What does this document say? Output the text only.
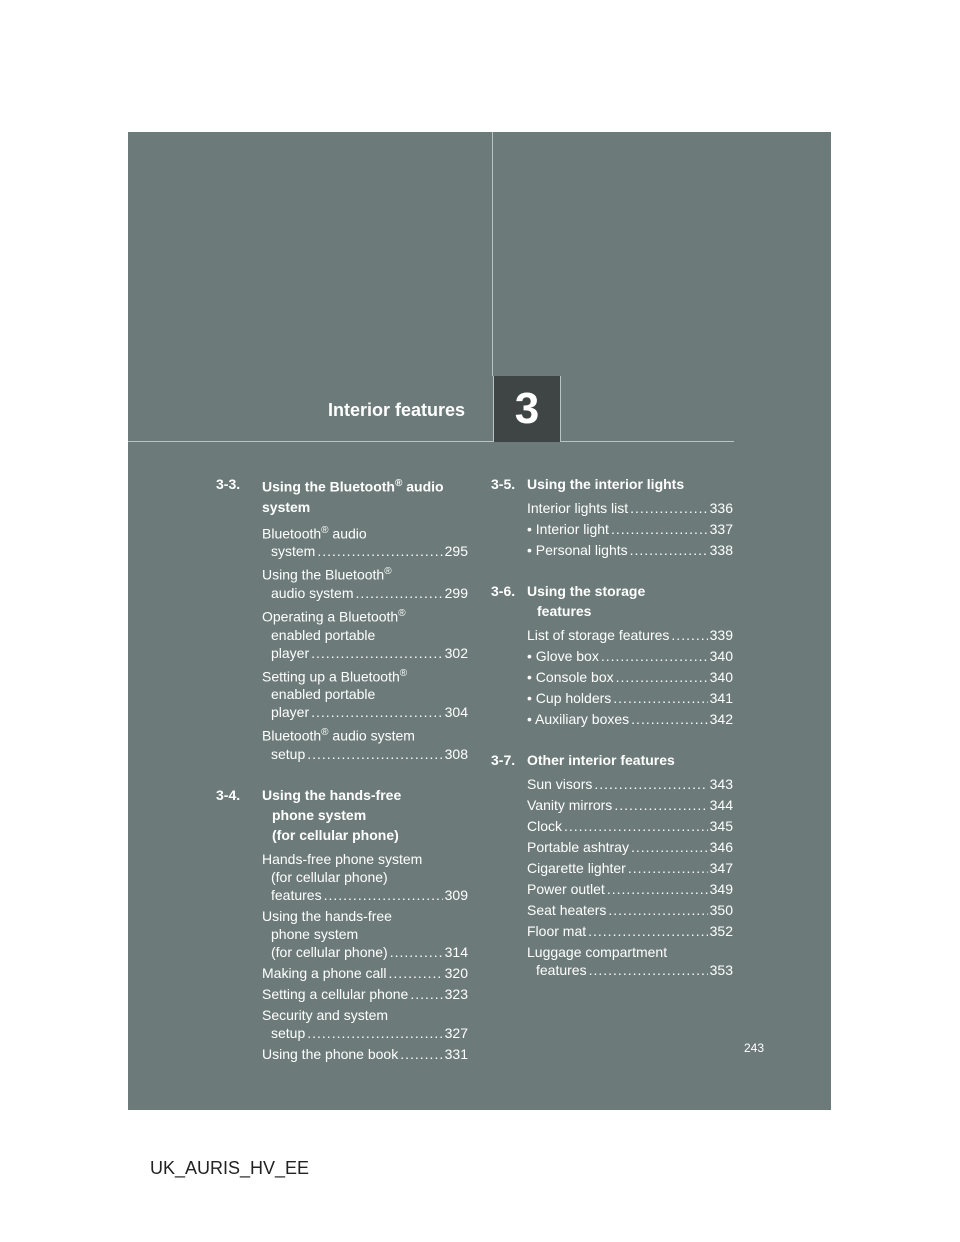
Interior features 3
3-3.	Using the Bluetooth® audio system
Bluetooth® audio
system .....	295
Using the Bluetooth®
audio system .....	299
Operating a Bluetooth®
enabled portable
player .....	302
Setting up a Bluetooth®
enabled portable
player .....	304
Bluetooth® audio system
setup .....	308
3-4.	Using the hands-free
phone system
(for cellular phone)
Hands-free phone system
(for cellular phone)
features .....	309
Using the hands-free
phone system
(for cellular phone) .....	314
Making a phone call .....	320
Setting a cellular phone .....	323
Security and system
setup .....	327
Using the phone book .....	331
3-5. Using the interior lights
Interior lights list .....	336
• Interior light .....	337
• Personal lights .....	338
3-6. Using the storage
features
List of storage features .....	339
• Glove box .....	340
• Console box .....	340
• Cup holders .....	341
• Auxiliary boxes .....	342
3-7. Other interior features
Sun visors .....	343
Vanity mirrors .....	344
Clock .....	345
Portable ashtray .....	346
Cigarette lighter .....	347
Power outlet .....	349
Seat heaters .....	350
Floor mat .....	352
Luggage compartment
features .....	353
243
UK_AURIS_HV_EE
